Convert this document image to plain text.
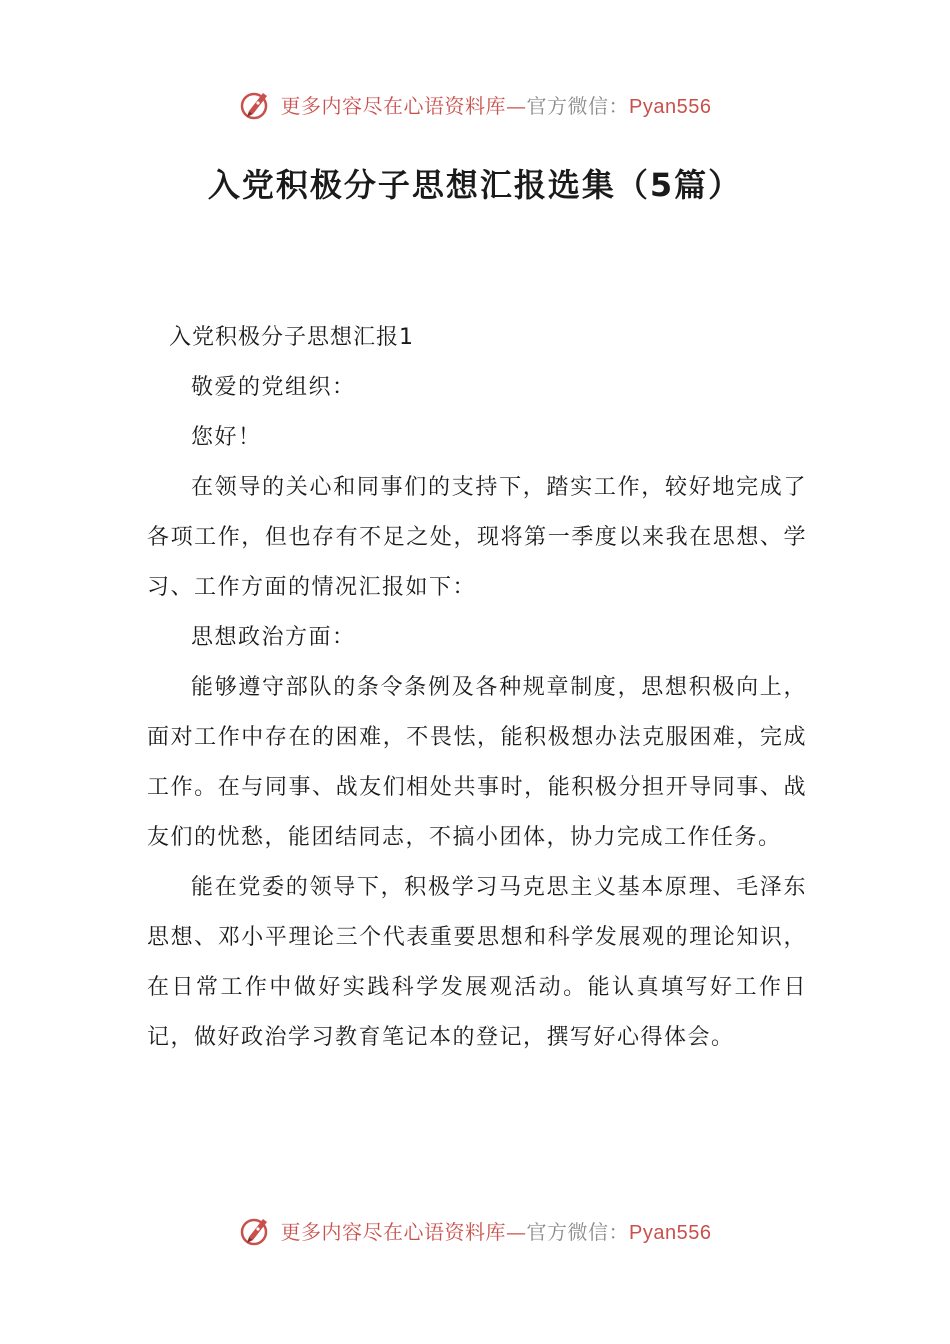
更多内容尽在心语资料库—官方微信：Pyan556
入党积极分子思想汇报选集（5篇）

入党积极分子思想汇报1

敬爱的党组织：

您好！

在领导的关心和同事们的支持下，踏实工作，较好地完成了各项工作，但也存有不足之处，现将第一季度以来我在思想、学习、工作方面的情况汇报如下：

思想政治方面：

能够遵守部队的条令条例及各种规章制度，思想积极向上，面对工作中存在的困难，不畏怯，能积极想办法克服困难，完成工作。在与同事、战友们相处共事时，能积极分担开导同事、战友们的忧愁，能团结同志，不搞小团体，协力完成工作任务。

能在党委的领导下，积极学习马克思主义基本原理、毛泽东思想、邓小平理论三个代表重要思想和科学发展观的理论知识，在日常工作中做好实践科学发展观活动。能认真填写好工作日记，做好政治学习教育笔记本的登记，撰写好心得体会。

更多内容尽在心语资料库—官方微信：Pyan556
